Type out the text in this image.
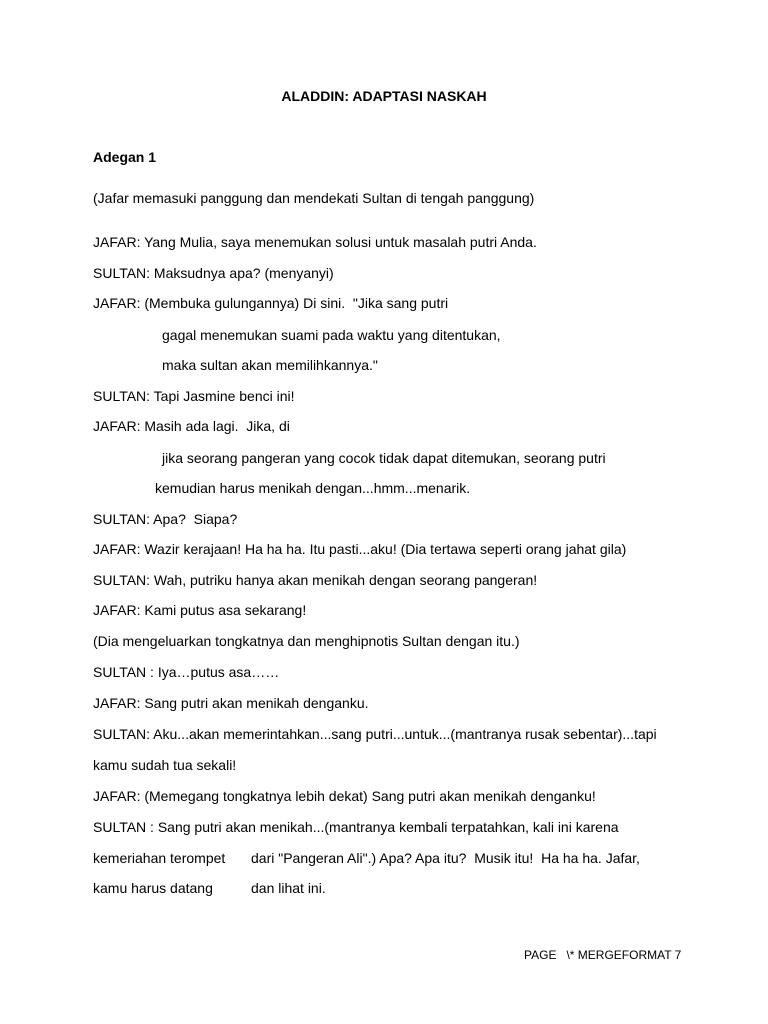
ALADDIN: ADAPTASI NASKAH
Adegan 1
(Jafar memasuki panggung dan mendekati Sultan di tengah panggung)
JAFAR: Yang Mulia, saya menemukan solusi untuk masalah putri Anda.
SULTAN: Maksudnya apa? (menyanyi)
JAFAR: (Membuka gulungannya) Di sini.  "Jika sang putri
gagal menemukan suami pada waktu yang ditentukan,
maka sultan akan memilihkannya."
SULTAN: Tapi Jasmine benci ini!
JAFAR: Masih ada lagi.  Jika, di
jika seorang pangeran yang cocok tidak dapat ditemukan, seorang putri
kemudian harus menikah dengan...hmm...menarik.
SULTAN: Apa?  Siapa?
JAFAR: Wazir kerajaan! Ha ha ha. Itu pasti...aku! (Dia tertawa seperti orang jahat gila)
SULTAN: Wah, putriku hanya akan menikah dengan seorang pangeran!
JAFAR: Kami putus asa sekarang!
(Dia mengeluarkan tongkatnya dan menghipnotis Sultan dengan itu.)
SULTAN : Iya…putus asa……
JAFAR: Sang putri akan menikah denganku.
SULTAN: Aku...akan memerintahkan...sang putri...untuk...(mantranya rusak sebentar)...tapi
kamu sudah tua sekali!
JAFAR: (Memegang tongkatnya lebih dekat) Sang putri akan menikah denganku!
SULTAN : Sang putri akan menikah...(mantranya kembali terpatahkan, kali ini karena
kemeriahan terompet dari "Pangeran Ali".) Apa? Apa itu?  Musik itu!  Ha ha ha. Jafar,
kamu harus datang	dan lihat ini.
PAGE   \* MERGEFORMAT 7
